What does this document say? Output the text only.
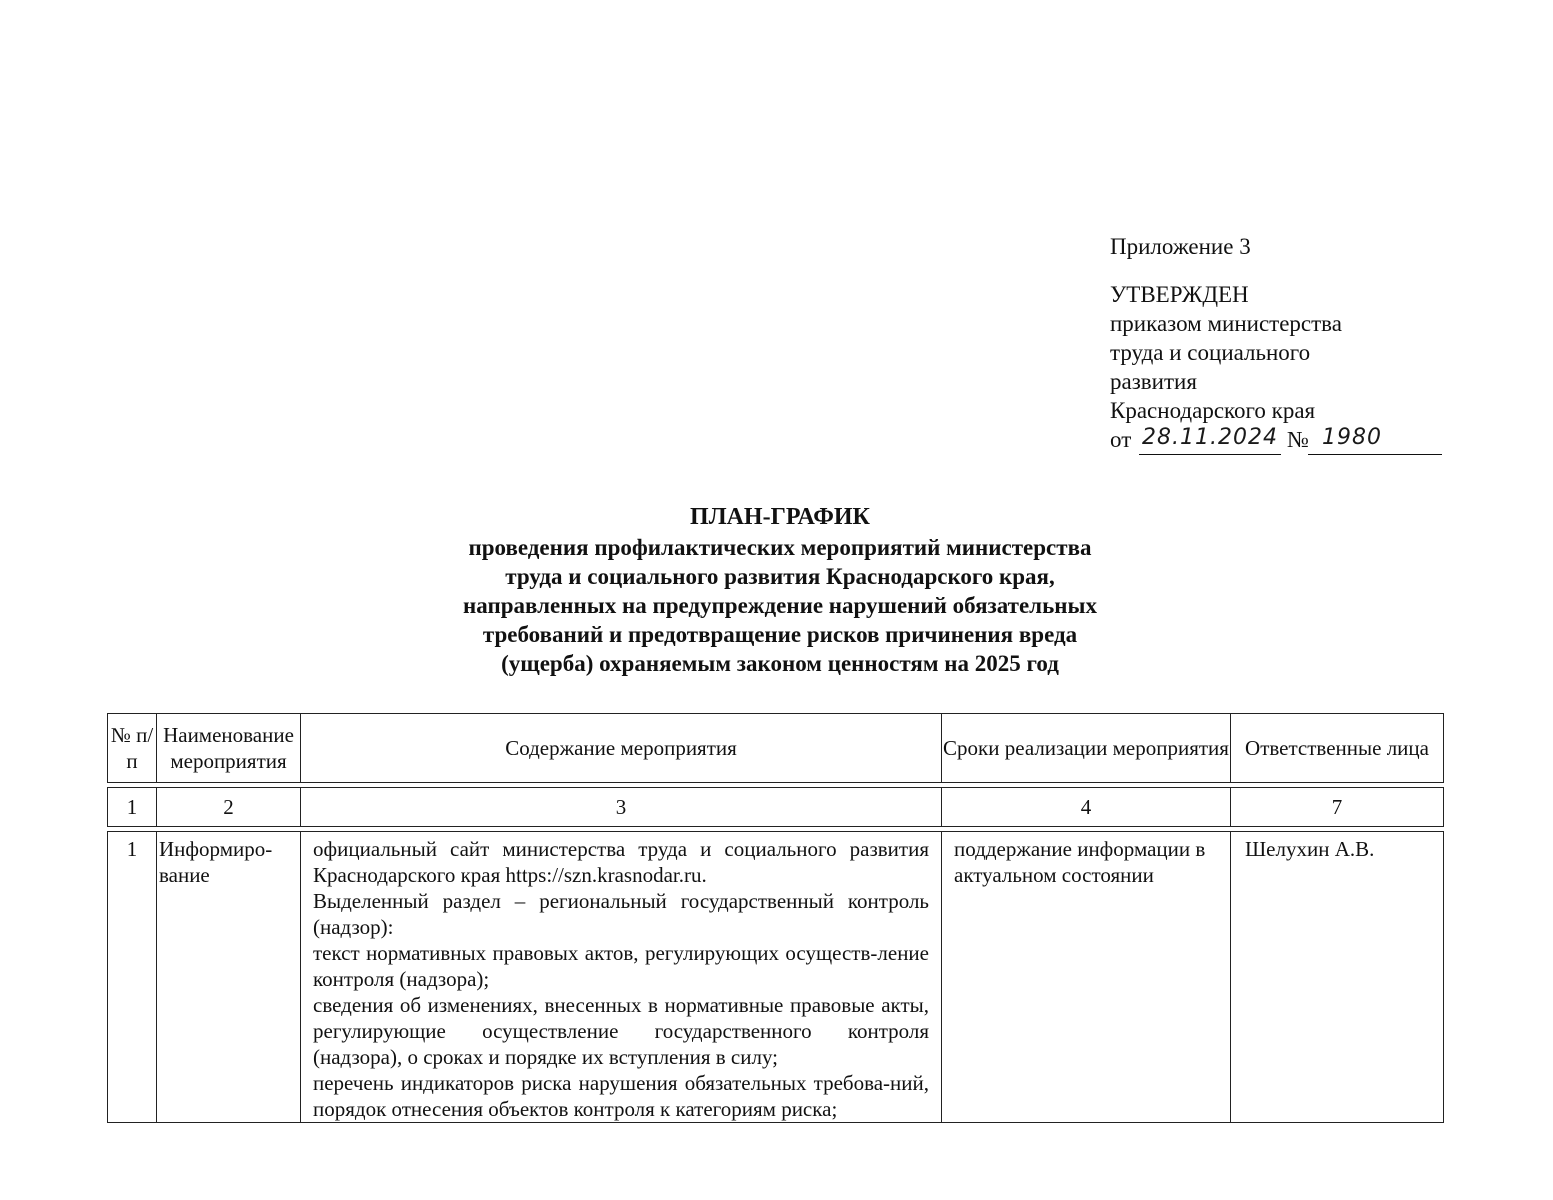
Приложение 3
УТВЕРЖДЕН
приказом министерства
труда и социального
развития
Краснодарского края
от 28.11.2024 № 1980
ПЛАН-ГРАФИК
проведения профилактических мероприятий министерства
труда и социального развития Краснодарского края,
направленных на предупреждение нарушений обязательных
требований и предотвращение рисков причинения вреда
(ущерба) охраняемым законом ценностям на 2025 год
№ п/п	Наименование мероприятия	Содержание мероприятия	Сроки реализации мероприятия	Ответственные лица

1	2	3	4	7

1	Информиро-вание	официальный сайт министерства труда и социального развития Краснодарского края https://szn.krasnodar.ru.
Выделенный раздел – региональный государственный контроль (надзор):
текст нормативных правовых актов, регулирующих осуществ-ление контроля (надзора);
сведения об изменениях, внесенных в нормативные правовые акты, регулирующие осуществление государственного контроля (надзора), о сроках и порядке их вступления в силу;
перечень индикаторов риска нарушения обязательных требова-ний, порядок отнесения объектов контроля к категориям риска;	поддержание информации в актуальном состоянии	Шелухин А.В.
